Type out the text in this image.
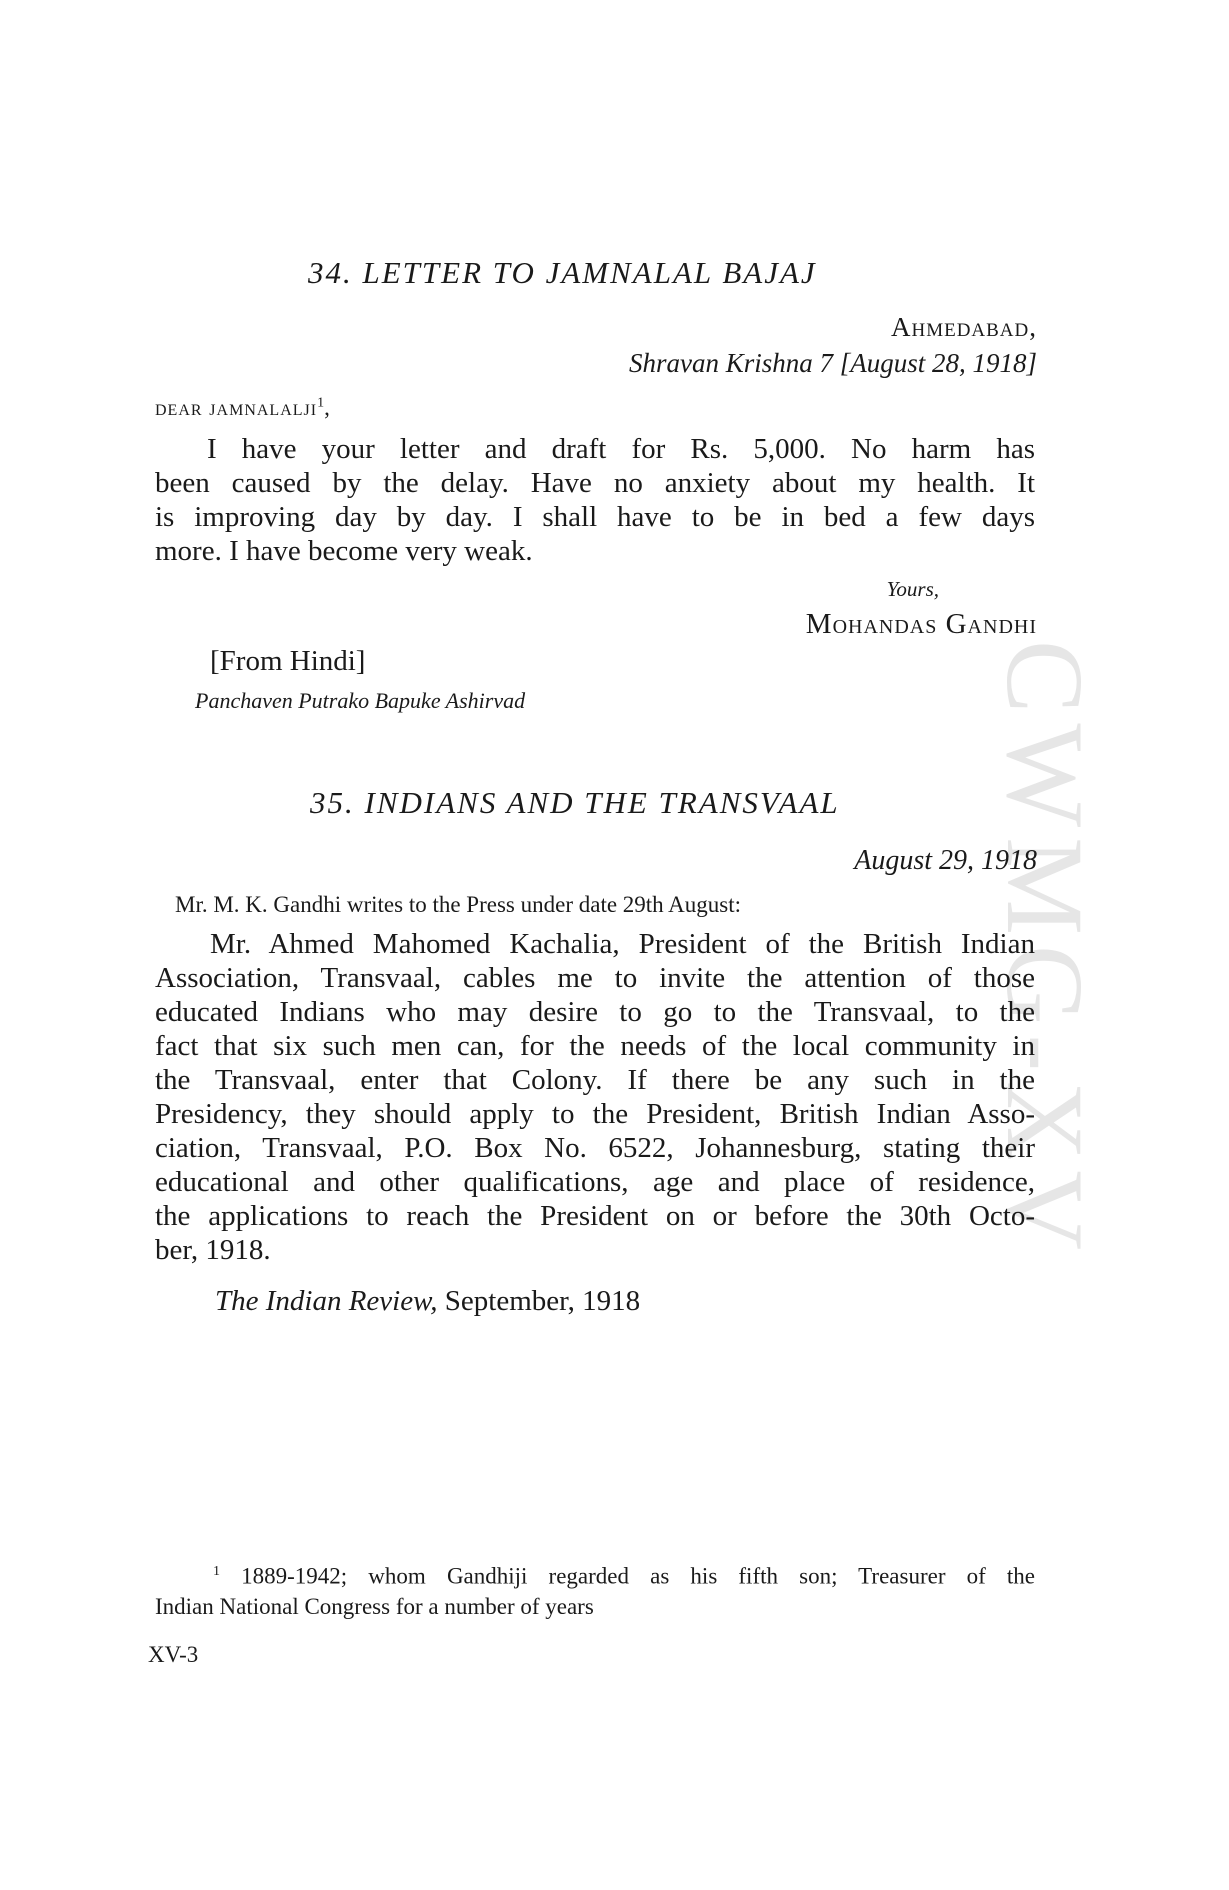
CWMG-XV
34. LETTER TO JAMNALAL BAJAJ
Ahmedabad,
Shravan Krishna 7 [August 28, 1918]
dear jamnalalji$^1$,
I have your letter and draft for Rs. 5,000. No harm has
been caused by the delay. Have no anxiety about my health. It
is improving day by day. I shall have to be in bed a few days
more. I have become very weak.
Yours,
Mohandas Gandhi
[From Hindi]
Panchaven Putrako Bapuke Ashirvad
35. INDIANS AND THE TRANSVAAL
August 29, 1918
Mr. M. K. Gandhi writes to the Press under date 29th August:
Mr. Ahmed Mahomed Kachalia, President of the British Indian
Association, Transvaal, cables me to invite the attention of those
educated Indians who may desire to go to the Transvaal, to the
fact that six such men can, for the needs of the local community in
the Transvaal, enter that Colony. If there be any such in the
Presidency, they should apply to the President, British Indian Asso-
ciation, Transvaal, P.O. Box No. 6522, Johannesburg, stating their
educational and other qualifications, age and place of residence,
the applications to reach the President on or before the 30th Octo-
ber, 1918.
The Indian Review, September, 1918
$^1$ 1889-1942; whom Gandhiji regarded as his fifth son; Treasurer of the
Indian National Congress for a number of years
XV-3
